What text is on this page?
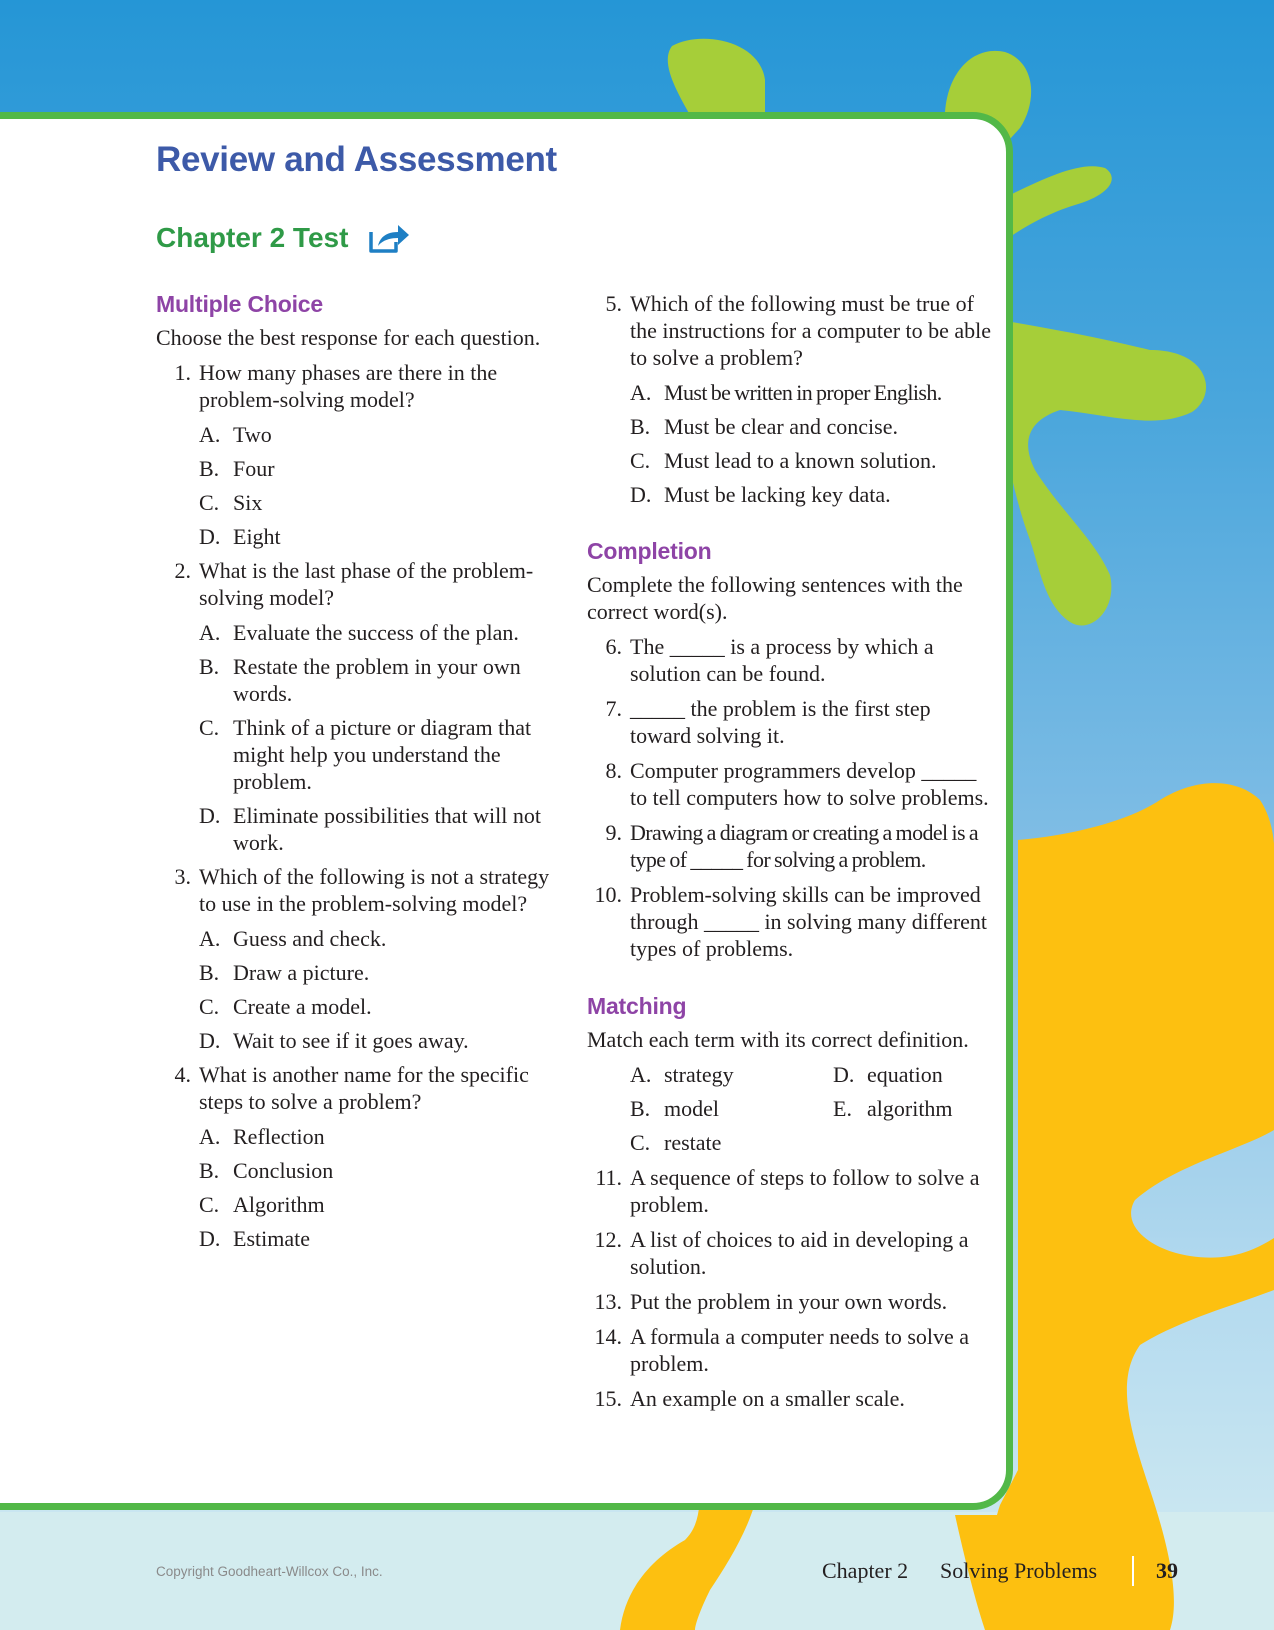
Review and Assessment
Chapter 2 Test
Multiple Choice
Choose the best response for each question.
1. How many phases are there in the problem-solving model?
A. Two
B. Four
C. Six
D. Eight
2. What is the last phase of the problem-solving model?
A. Evaluate the success of the plan.
B. Restate the problem in your own words.
C. Think of a picture or diagram that might help you understand the problem.
D. Eliminate possibilities that will not work.
3. Which of the following is not a strategy to use in the problem-solving model?
A. Guess and check.
B. Draw a picture.
C. Create a model.
D. Wait to see if it goes away.
4. What is another name for the specific steps to solve a problem?
A. Reflection
B. Conclusion
C. Algorithm
D. Estimate
5. Which of the following must be true of the instructions for a computer to be able to solve a problem?
A. Must be written in proper English.
B. Must be clear and concise.
C. Must lead to a known solution.
D. Must be lacking key data.
Completion
Complete the following sentences with the correct word(s).
6. The _____ is a process by which a solution can be found.
7. _____ the problem is the first step toward solving it.
8. Computer programmers develop _____ to tell computers how to solve problems.
9. Drawing a diagram or creating a model is a type of _____ for solving a problem.
10. Problem-solving skills can be improved through _____ in solving many different types of problems.
Matching
Match each term with its correct definition.
A. strategy	D. equation
B. model	E. algorithm
C. restate
11. A sequence of steps to follow to solve a problem.
12. A list of choices to aid in developing a solution.
13. Put the problem in your own words.
14. A formula a computer needs to solve a problem.
15. An example on a smaller scale.
Copyright Goodheart-Willcox Co., Inc.	Chapter 2 Solving Problems	39
